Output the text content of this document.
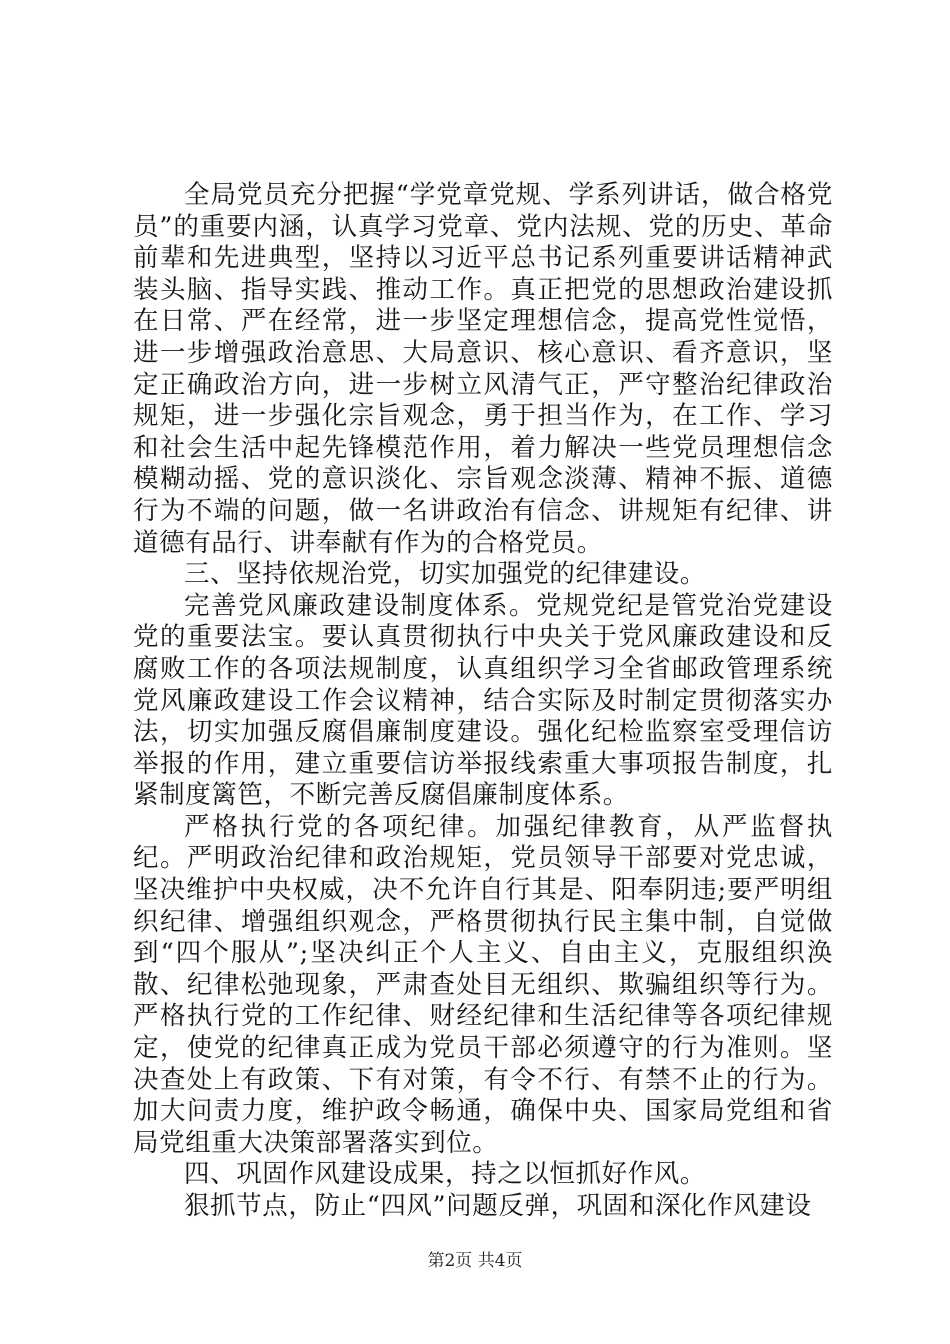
全局党员充分把握“学党章党规、学系列讲话，做合格党员”的重要内涵，认真学习党章、党内法规、党的历史、革命前辈和先进典型，坚持以习近平总书记系列重要讲话精神武装头脑、指导实践、推动工作。真正把党的思想政治建设抓在日常、严在经常，进一步坚定理想信念，提高党性觉悟，进一步增强政治意思、大局意识、核心意识、看齐意识，坚定正确政治方向，进一步树立风清气正，严守整治纪律政治规矩，进一步强化宗旨观念，勇于担当作为，在工作、学习和社会生活中起先锋模范作用，着力解决一些党员理想信念模糊动摇、党的意识淡化、宗旨观念淡薄、精神不振、道德行为不端的问题，做一名讲政治有信念、讲规矩有纪律、讲道德有品行、讲奉献有作为的合格党员。

三、坚持依规治党，切实加强党的纪律建设。

完善党风廉政建设制度体系。党规党纪是管党治党建设党的重要法宝。要认真贯彻执行中央关于党风廉政建设和反腐败工作的各项法规制度，认真组织学习全省邮政管理系统党风廉政建设工作会议精神，结合实际及时制定贯彻落实办法，切实加强反腐倡廉制度建设。强化纪检监察室受理信访举报的作用，建立重要信访举报线索重大事项报告制度，扎紧制度篱笆，不断完善反腐倡廉制度体系。

严格执行党的各项纪律。加强纪律教育，从严监督执纪。严明政治纪律和政治规矩，党员领导干部要对党忠诚，坚决维护中央权威，决不允许自行其是、阳奉阴违;要严明组织纪律、增强组织观念，严格贯彻执行民主集中制，自觉做到“四个服从”;坚决纠正个人主义、自由主义，克服组织涣散、纪律松弛现象，严肃查处目无组织、欺骗组织等行为。严格执行党的工作纪律、财经纪律和生活纪律等各项纪律规定，使党的纪律真正成为党员干部必须遵守的行为准则。坚决查处上有政策、下有对策，有令不行、有禁不止的行为。加大问责力度，维护政令畅通，确保中央、国家局党组和省局党组重大决策部署落实到位。

四、巩固作风建设成果，持之以恒抓好作风。

狠抓节点，防止“四风”问题反弹，巩固和深化作风建设

第2页 共4页
